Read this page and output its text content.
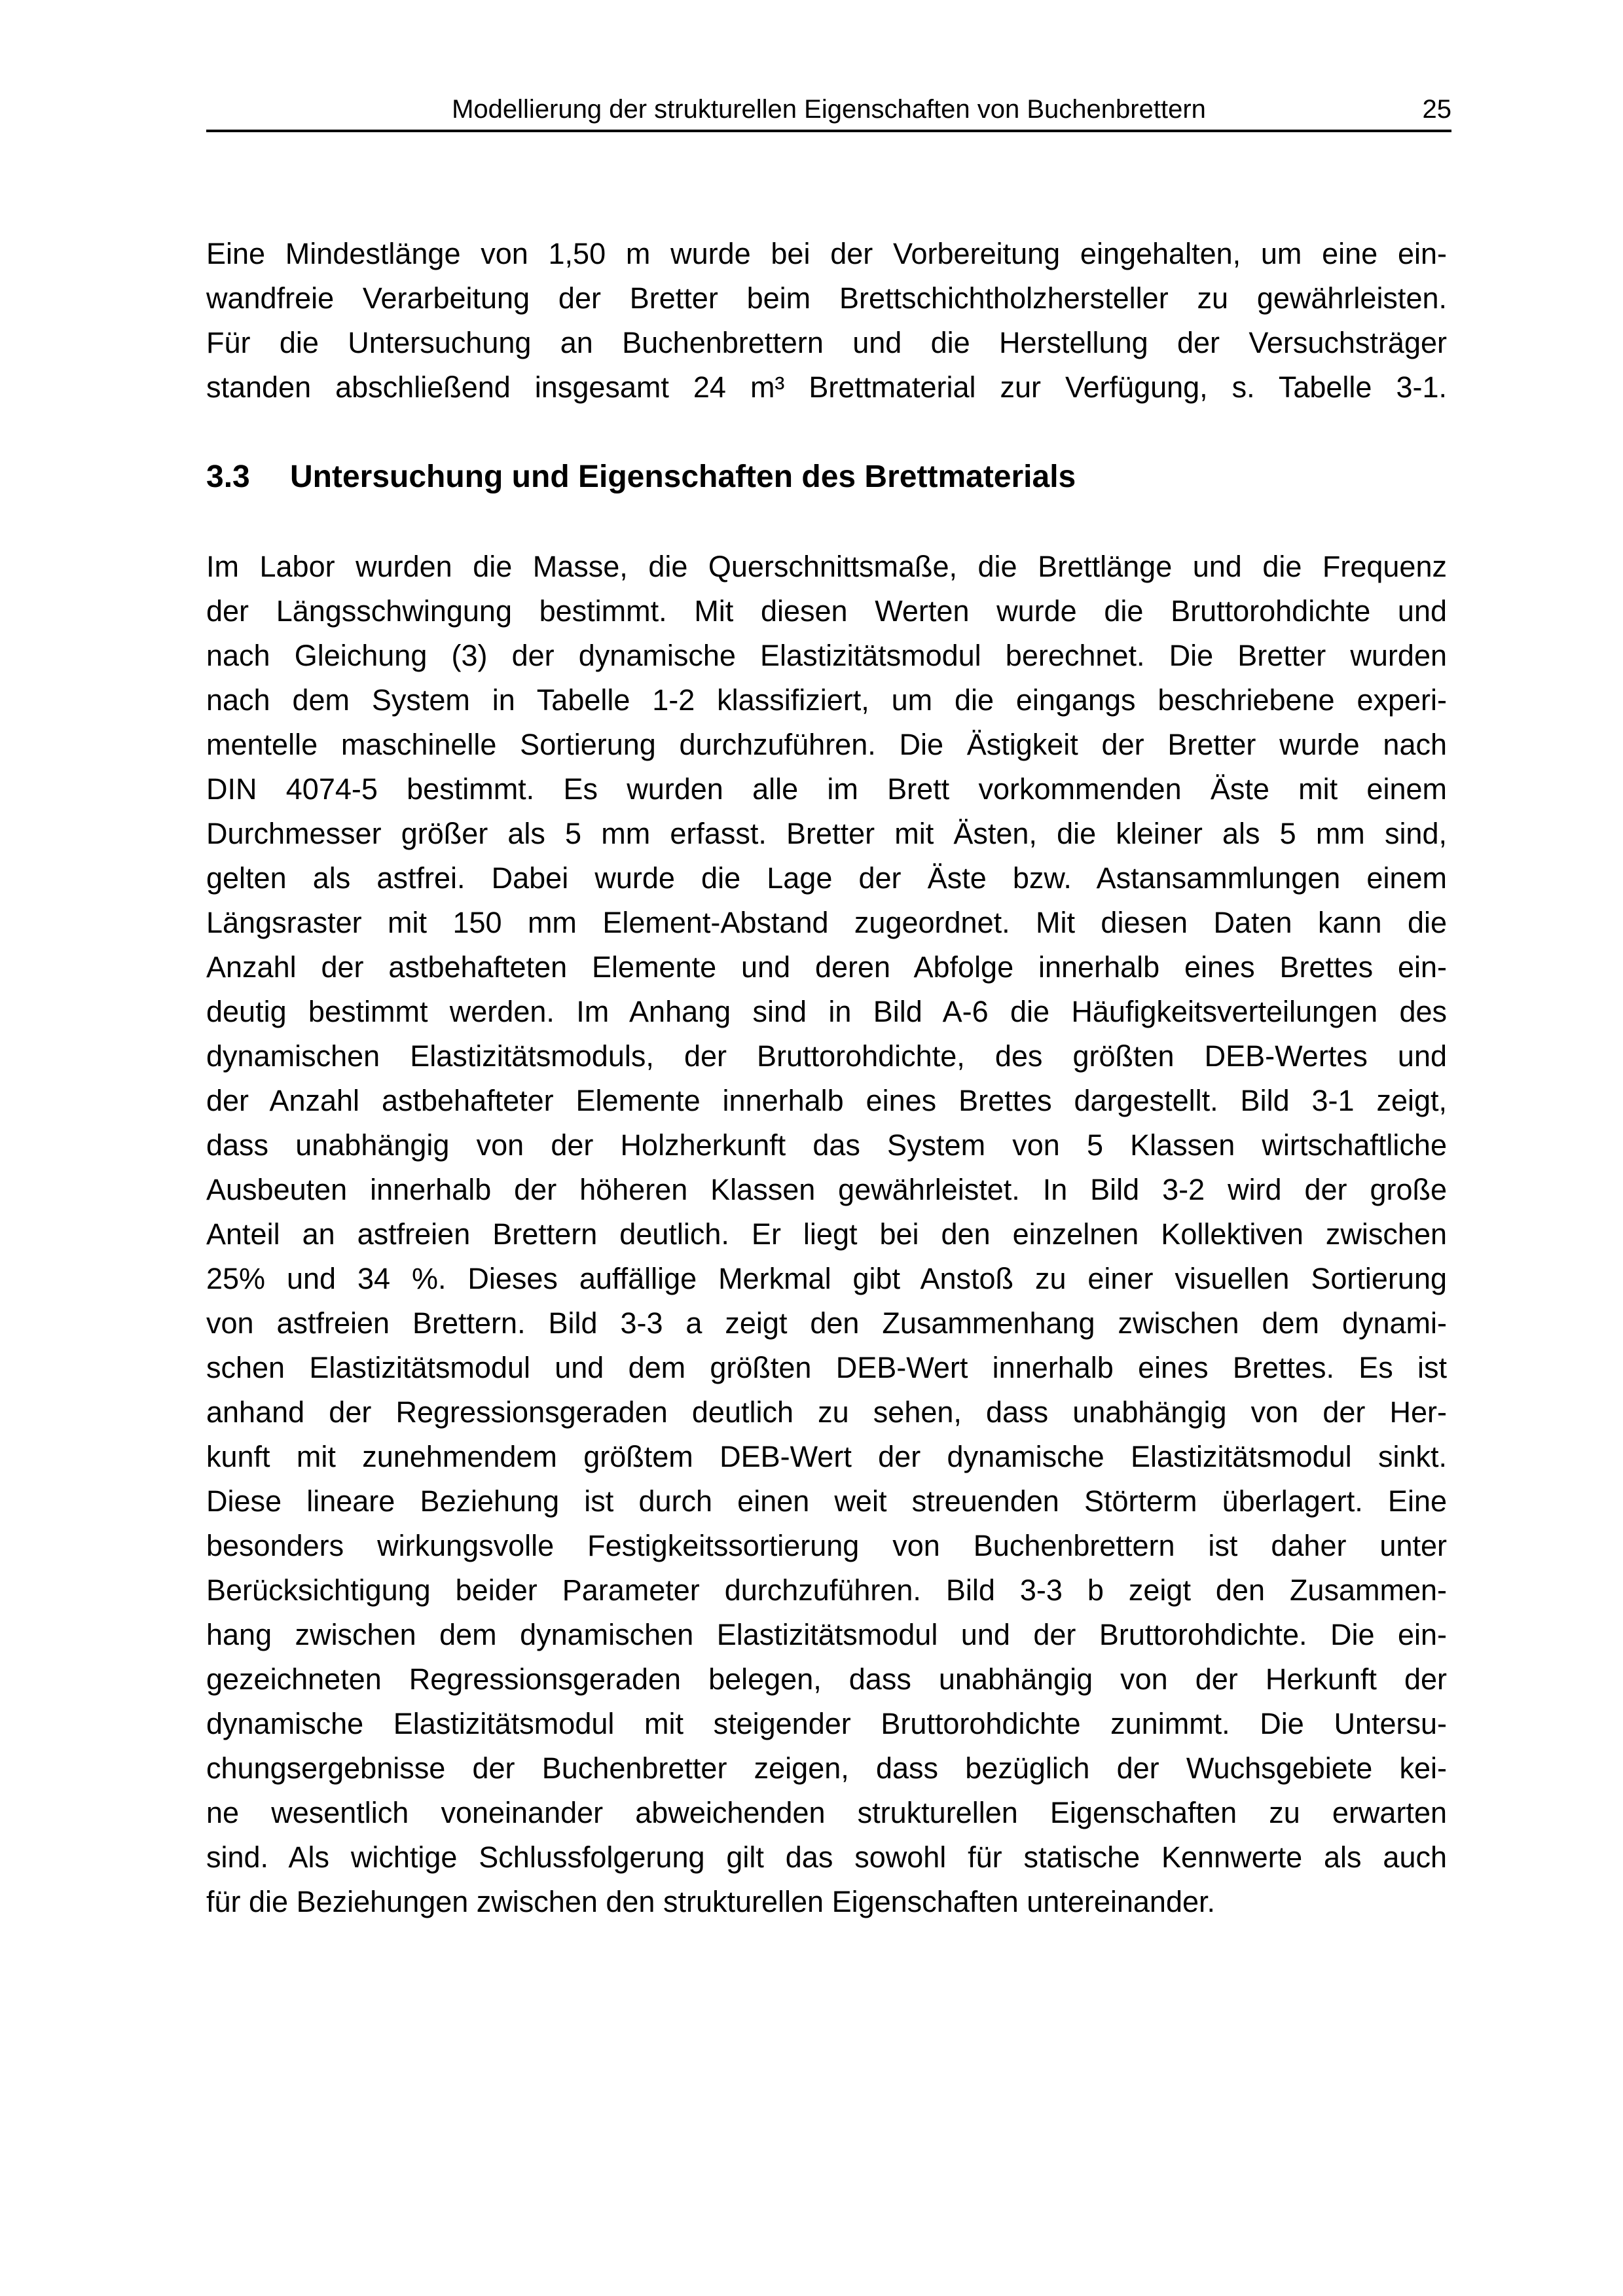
Modellierung der strukturellen Eigenschaften von Buchenbrettern	25
Eine Mindestlänge von 1,50 m wurde bei der Vorbereitung eingehalten, um eine ein-
wandfreie Verarbeitung der Bretter beim Brettschichtholzhersteller zu gewährleisten.
Für die Untersuchung an Buchenbrettern und die Herstellung der Versuchsträger
standen abschließend insgesamt 24 m³ Brettmaterial zur Verfügung, s. Tabelle 3-1.
3.3 Untersuchung und Eigenschaften des Brettmaterials
Im Labor wurden die Masse, die Querschnittsmaße, die Brettlänge und die Frequenz
der Längsschwingung bestimmt. Mit diesen Werten wurde die Bruttorohdichte und
nach Gleichung (3) der dynamische Elastizitätsmodul berechnet. Die Bretter wurden
nach dem System in Tabelle 1-2 klassifiziert, um die eingangs beschriebene experi-
mentelle maschinelle Sortierung durchzuführen. Die Ästigkeit der Bretter wurde nach
DIN 4074-5 bestimmt. Es wurden alle im Brett vorkommenden Äste mit einem
Durchmesser größer als 5 mm erfasst. Bretter mit Ästen, die kleiner als 5 mm sind,
gelten als astfrei. Dabei wurde die Lage der Äste bzw. Astansammlungen einem
Längsraster mit 150 mm Element-Abstand zugeordnet. Mit diesen Daten kann die
Anzahl der astbehafteten Elemente und deren Abfolge innerhalb eines Brettes ein-
deutig bestimmt werden. Im Anhang sind in Bild A-6 die Häufigkeitsverteilungen des
dynamischen Elastizitätsmoduls, der Bruttorohdichte, des größten DEB-Wertes und
der Anzahl astbehafteter Elemente innerhalb eines Brettes dargestellt. Bild 3-1 zeigt,
dass unabhängig von der Holzherkunft das System von 5 Klassen wirtschaftliche
Ausbeuten innerhalb der höheren Klassen gewährleistet. In Bild 3-2 wird der große
Anteil an astfreien Brettern deutlich. Er liegt bei den einzelnen Kollektiven zwischen
25% und 34 %. Dieses auffällige Merkmal gibt Anstoß zu einer visuellen Sortierung
von astfreien Brettern. Bild 3-3 a zeigt den Zusammenhang zwischen dem dynami-
schen Elastizitätsmodul und dem größten DEB-Wert innerhalb eines Brettes. Es ist
anhand der Regressionsgeraden deutlich zu sehen, dass unabhängig von der Her-
kunft mit zunehmendem größtem DEB-Wert der dynamische Elastizitätsmodul sinkt.
Diese lineare Beziehung ist durch einen weit streuenden Störterm überlagert. Eine
besonders wirkungsvolle Festigkeitssortierung von Buchenbrettern ist daher unter
Berücksichtigung beider Parameter durchzuführen. Bild 3-3 b zeigt den Zusammen-
hang zwischen dem dynamischen Elastizitätsmodul und der Bruttorohdichte. Die ein-
gezeichneten Regressionsgeraden belegen, dass unabhängig von der Herkunft der
dynamische Elastizitätsmodul mit steigender Bruttorohdichte zunimmt. Die Untersu-
chungsergebnisse der Buchenbretter zeigen, dass bezüglich der Wuchsgebiete kei-
ne wesentlich voneinander abweichenden strukturellen Eigenschaften zu erwarten
sind. Als wichtige Schlussfolgerung gilt das sowohl für statische Kennwerte als auch
für die Beziehungen zwischen den strukturellen Eigenschaften untereinander.
